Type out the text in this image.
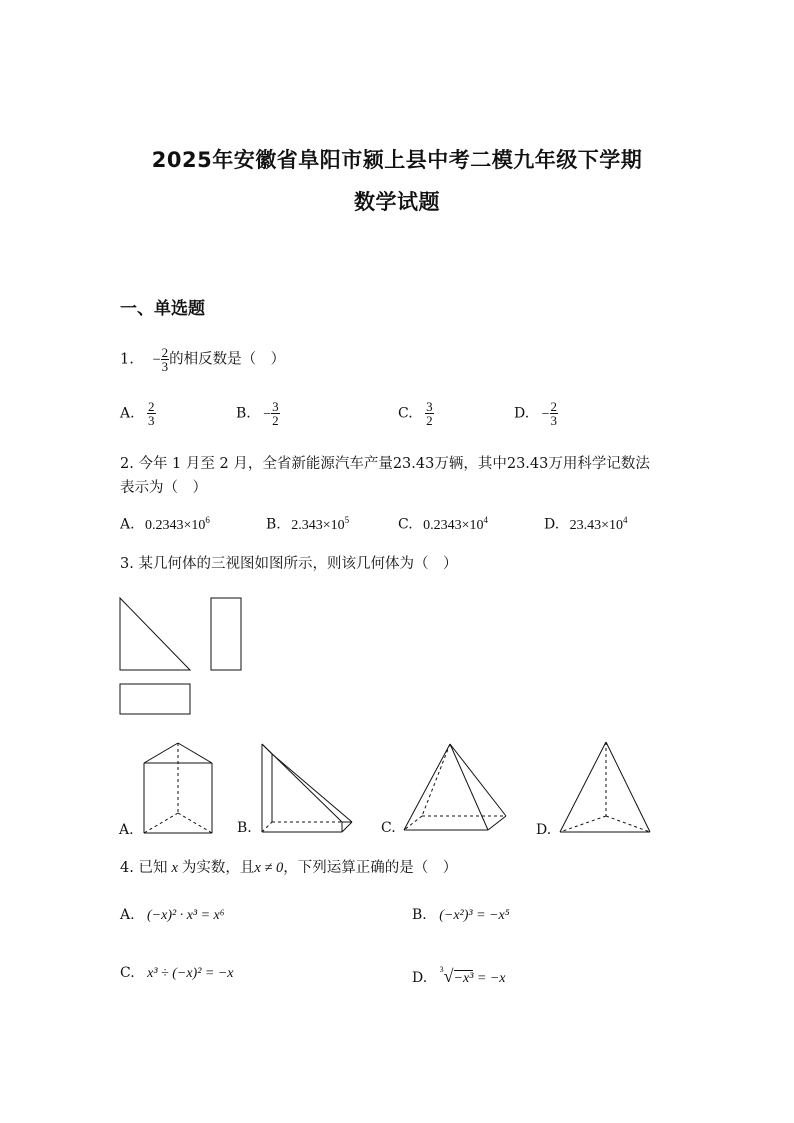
2025年安徽省阜阳市颍上县中考二模九年级下学期
数学试题
一、单选题
1. − $\frac{2}{3}$ 的相反数是（　）
A. $\frac{2}{3}$	B. − $\frac{3}{2}$	C. $\frac{3}{2}$	D. − $\frac{2}{3}$
2. 今年 1 月至 2 月，全省新能源汽车产量23.43万辆，其中23.43万用科学记数法
表示为（　）
A. $0.2343\times 10^6$	B. $2.343\times 10^5$	C. $0.2343\times 10^4$	D. $23.43\times 10^4$
3. 某几何体的三视图如图所示，则该几何体为（　）
A.	B.	C.	D.
4. 已知 x 为实数，且x ≠ 0，下列运算正确的是（　）
A. (−x)² · x³ = x⁶	B. (−x²)³ = −x⁵
C. x³ ÷ (−x)² = −x	D. $^3$√−x³ = −x
